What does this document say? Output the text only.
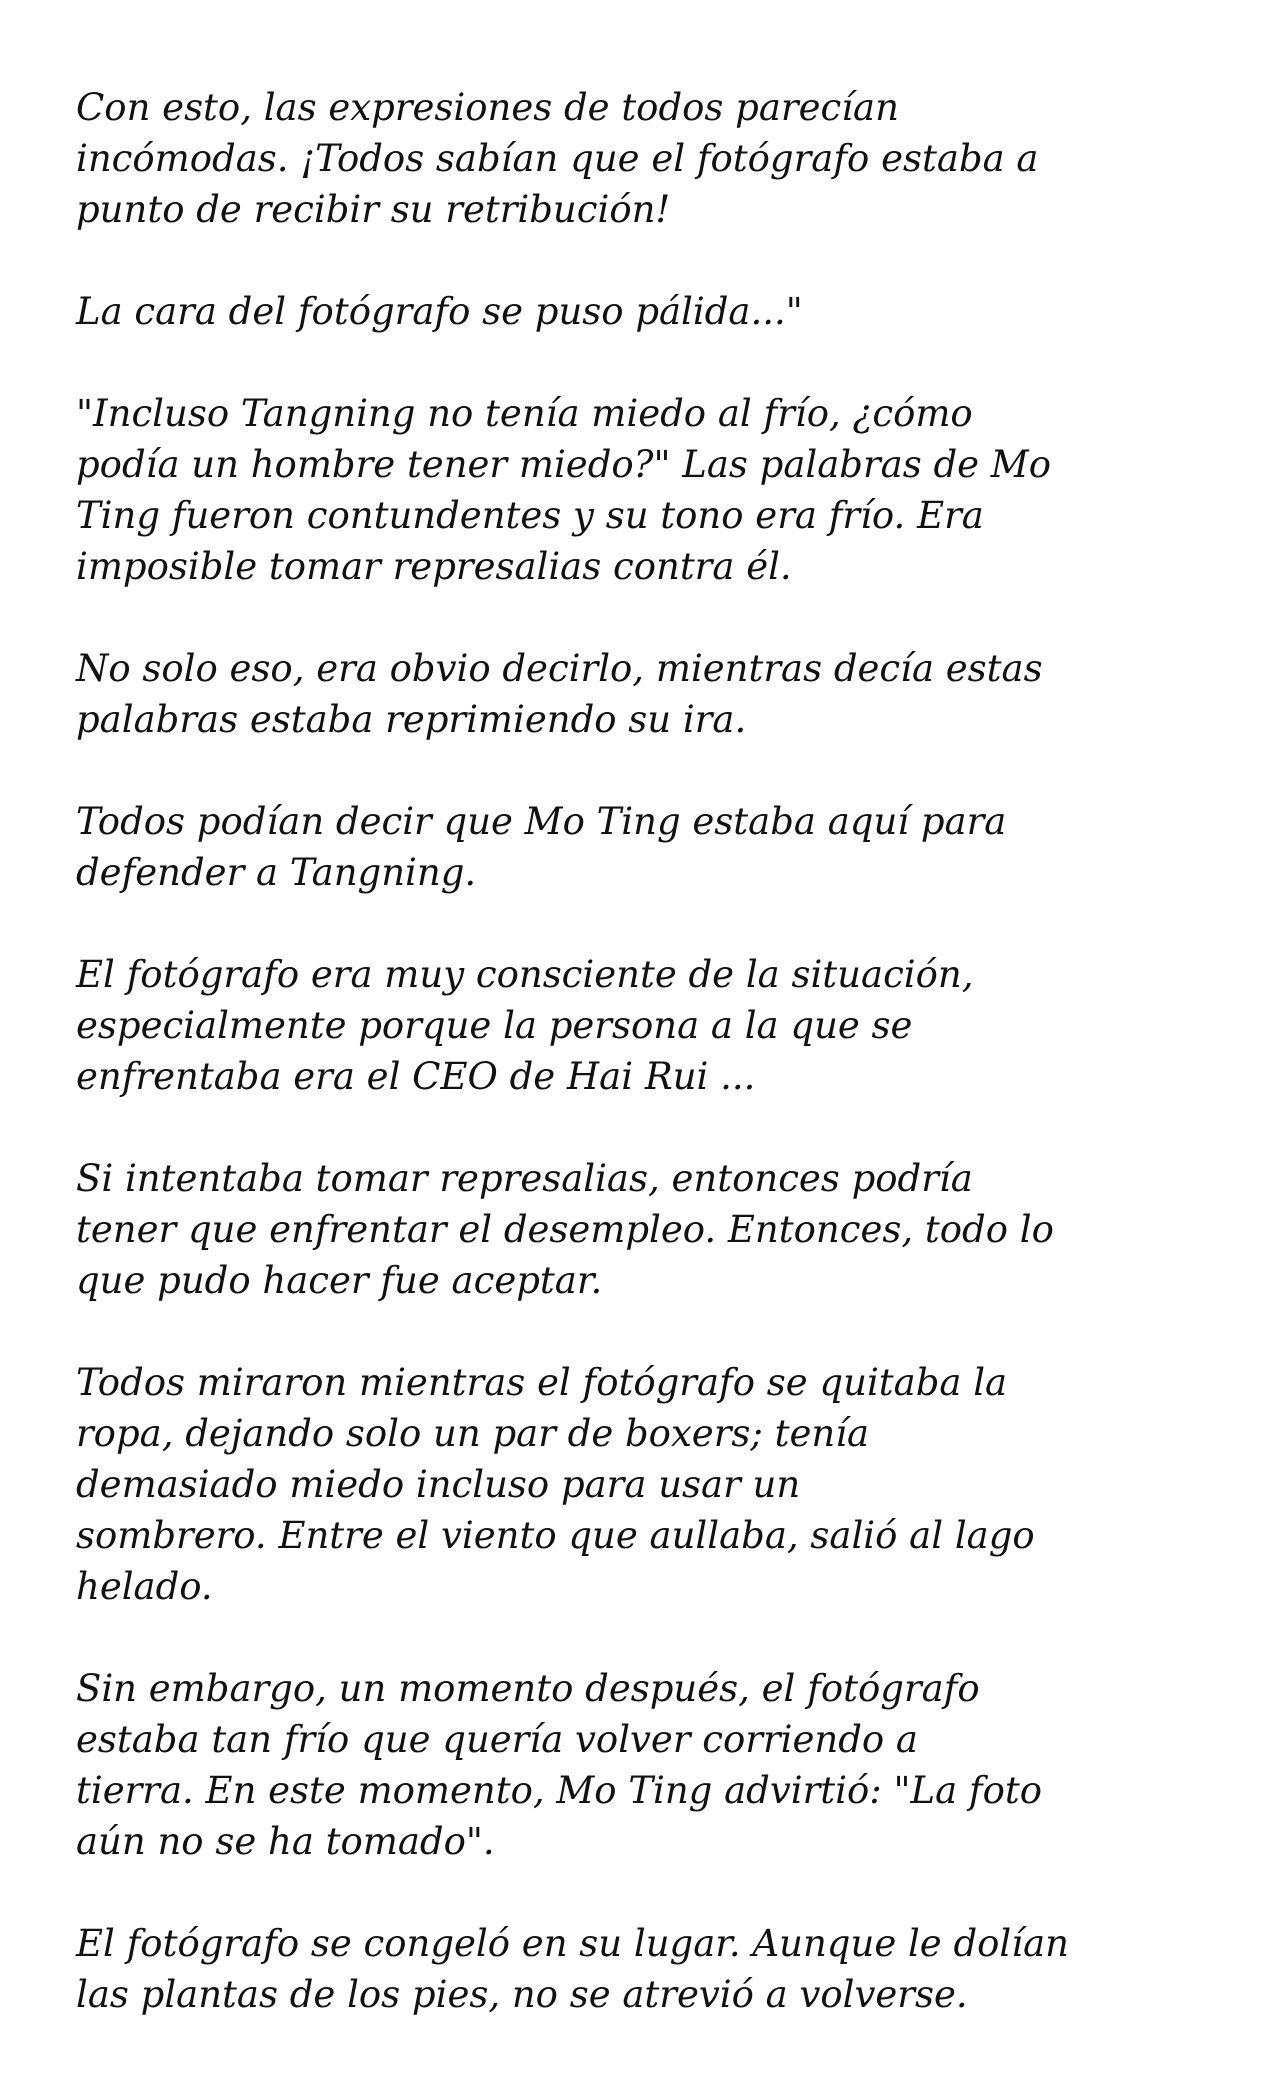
Con esto, las expresiones de todos parecían
incómodas. ¡Todos sabían que el fotógrafo estaba a
punto de recibir su retribución!

La cara del fotógrafo se puso pálida..."

"Incluso Tangning no tenía miedo al frío, ¿cómo
podía un hombre tener miedo?" Las palabras de Mo
Ting fueron contundentes y su tono era frío. Era
imposible tomar represalias contra él.

No solo eso, era obvio decirlo, mientras decía estas
palabras estaba reprimiendo su ira.

Todos podían decir que Mo Ting estaba aquí para
defender a Tangning.

El fotógrafo era muy consciente de la situación,
especialmente porque la persona a la que se
enfrentaba era el CEO de Hai Rui ...

Si intentaba tomar represalias, entonces podría
tener que enfrentar el desempleo. Entonces, todo lo
que pudo hacer fue aceptar.

Todos miraron mientras el fotógrafo se quitaba la
ropa, dejando solo un par de boxers; tenía
demasiado miedo incluso para usar un
sombrero. Entre el viento que aullaba, salió al lago
helado.

Sin embargo, un momento después, el fotógrafo
estaba tan frío que quería volver corriendo a
tierra. En este momento, Mo Ting advirtió: "La foto
aún no se ha tomado".

El fotógrafo se congeló en su lugar. Aunque le dolían
las plantas de los pies, no se atrevió a volverse.
